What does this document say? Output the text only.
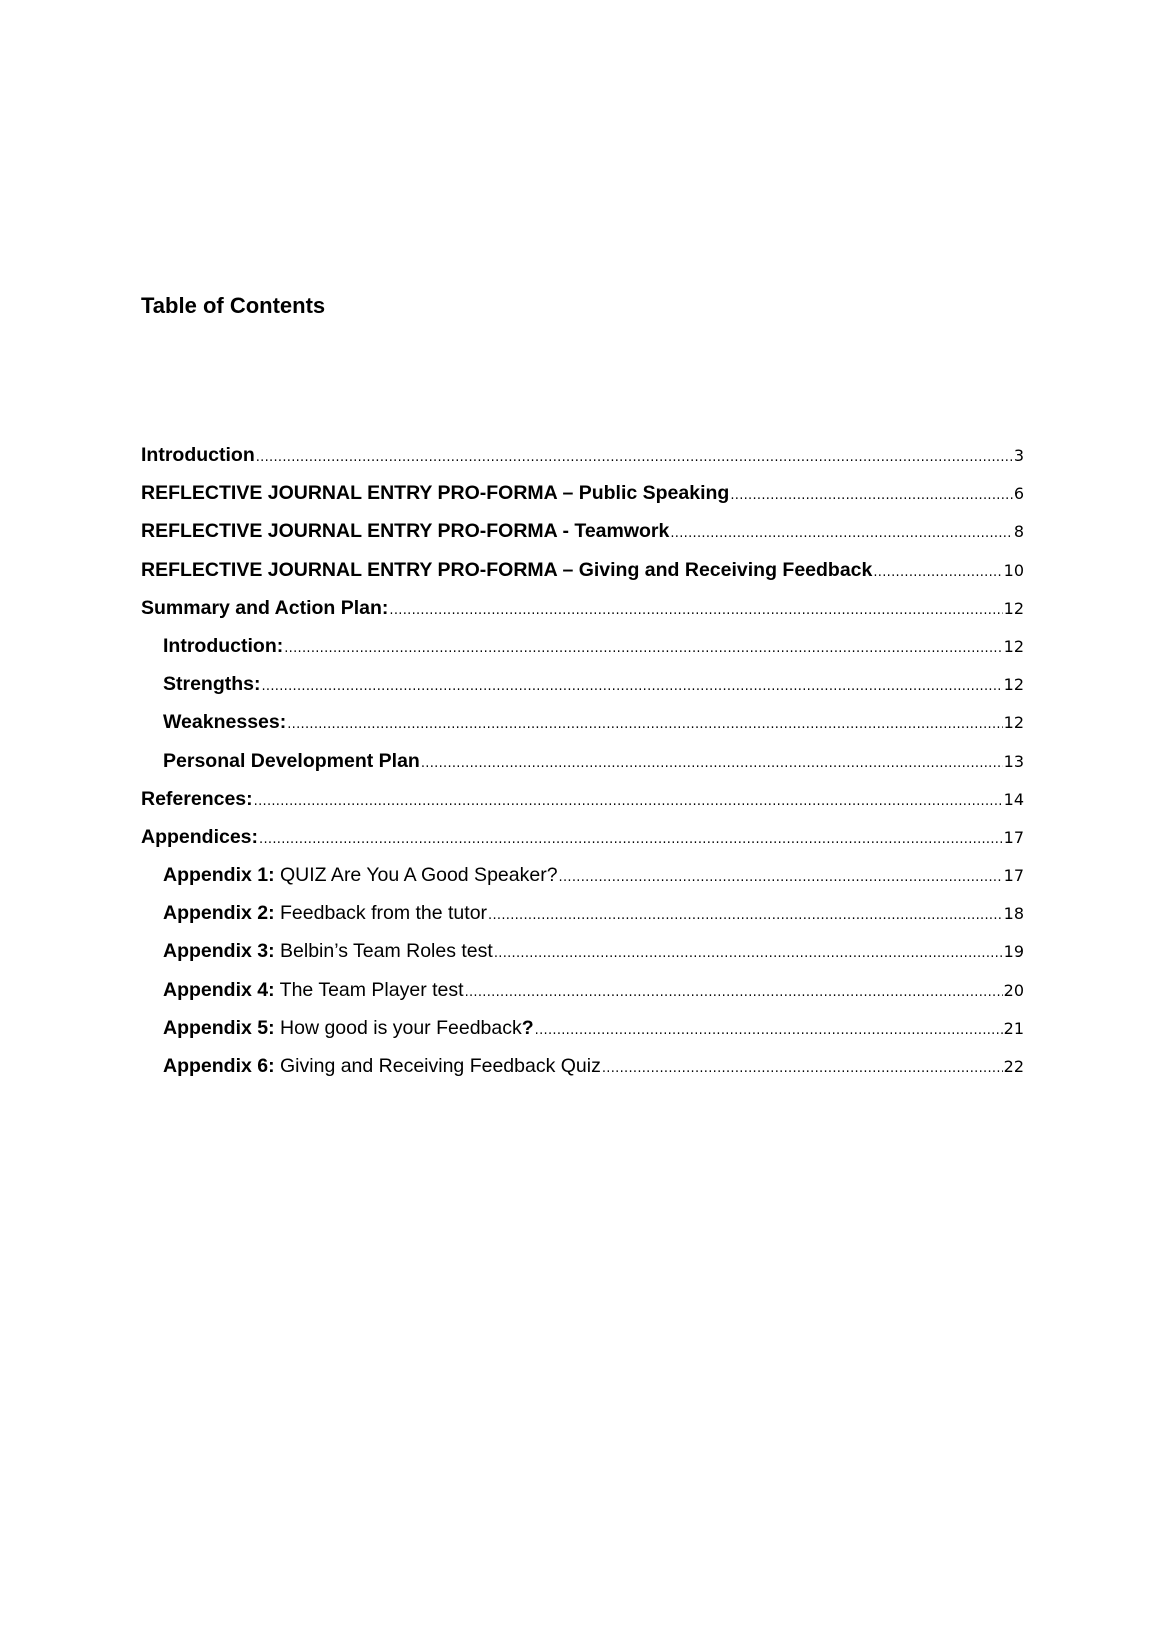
Table of Contents
Introduction .....	3
REFLECTIVE JOURNAL ENTRY PRO-FORMA – Public Speaking .....	6
REFLECTIVE JOURNAL ENTRY PRO-FORMA - Teamwork .....	8
REFLECTIVE JOURNAL ENTRY PRO-FORMA – Giving and Receiving Feedback .....	10
Summary and Action Plan: .....	12
Introduction: .....	12
Strengths: .....	12
Weaknesses: .....	12
Personal Development Plan .....	13
References: .....	14
Appendices: .....	17
Appendix 1: QUIZ Are You A Good Speaker? .....	17
Appendix 2: Feedback from the tutor .....	18
Appendix 3: Belbin’s Team Roles test .....	19
Appendix 4: The Team Player test .....	20
Appendix 5: How good is your Feedback? .....	21
Appendix 6: Giving and Receiving Feedback Quiz .....	22
